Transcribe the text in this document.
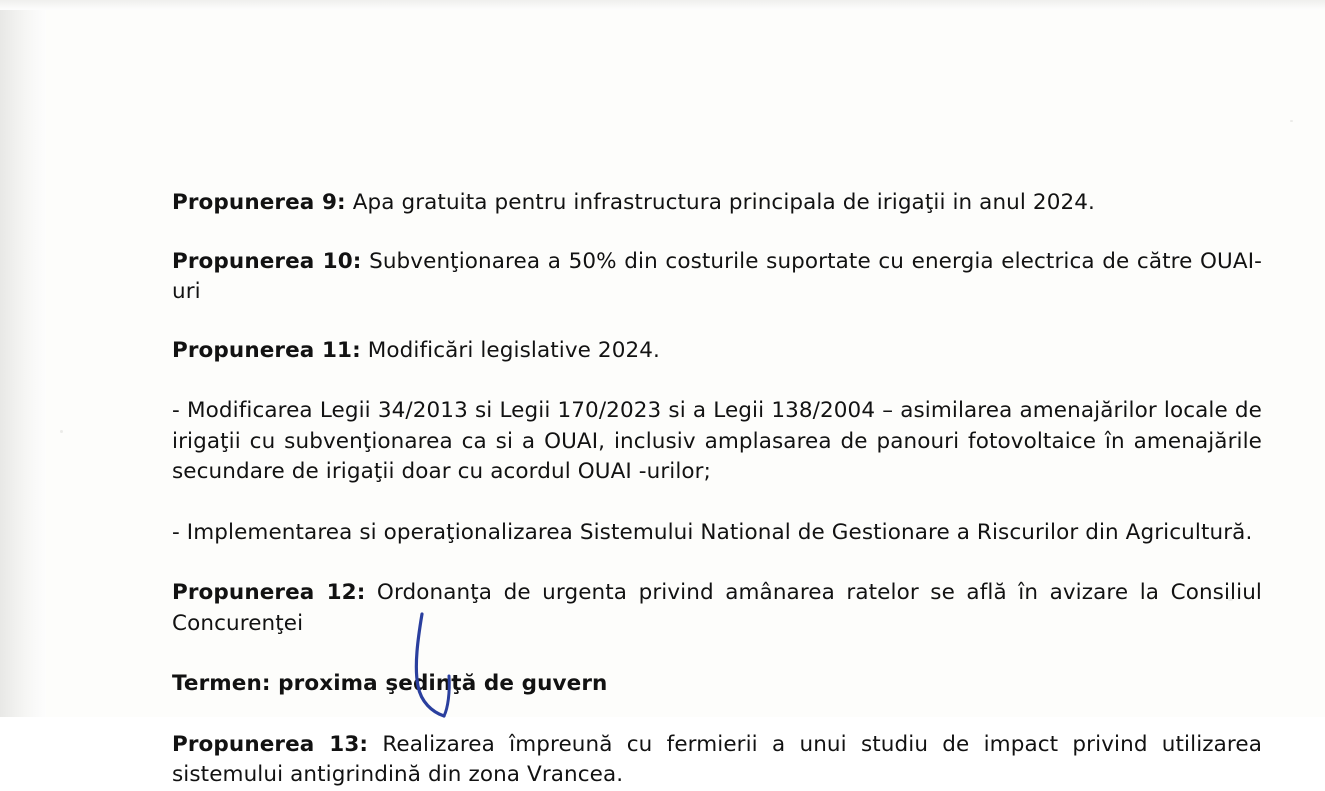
Propunerea 9: Apa gratuita pentru infrastructura principala de irigaţii in anul 2024.

Propunerea 10: Subvenţionarea a 50% din costurile suportate cu energia electrica de către OUAI-uri

Propunerea 11: Modificări legislative 2024.

- Modificarea Legii 34/2013 si Legii 170/2023 si a Legii 138/2004 – asimilarea amenajărilor locale de irigaţii cu subvenţionarea ca si a OUAI, inclusiv amplasarea de panouri fotovoltaice în amenajările secundare de irigaţii doar cu acordul OUAI -urilor;

- Implementarea si operaţionalizarea Sistemului National de Gestionare a Riscurilor din Agricultură.

Propunerea 12: Ordonanţa de urgenta privind amânarea ratelor se află în avizare la Consiliul Concurenţei

Termen: proxima şedinţă de guvern

Propunerea 13: Realizarea împreună cu fermierii a unui studiu de impact privind utilizarea sistemului antigrindină din zona Vrancea.
